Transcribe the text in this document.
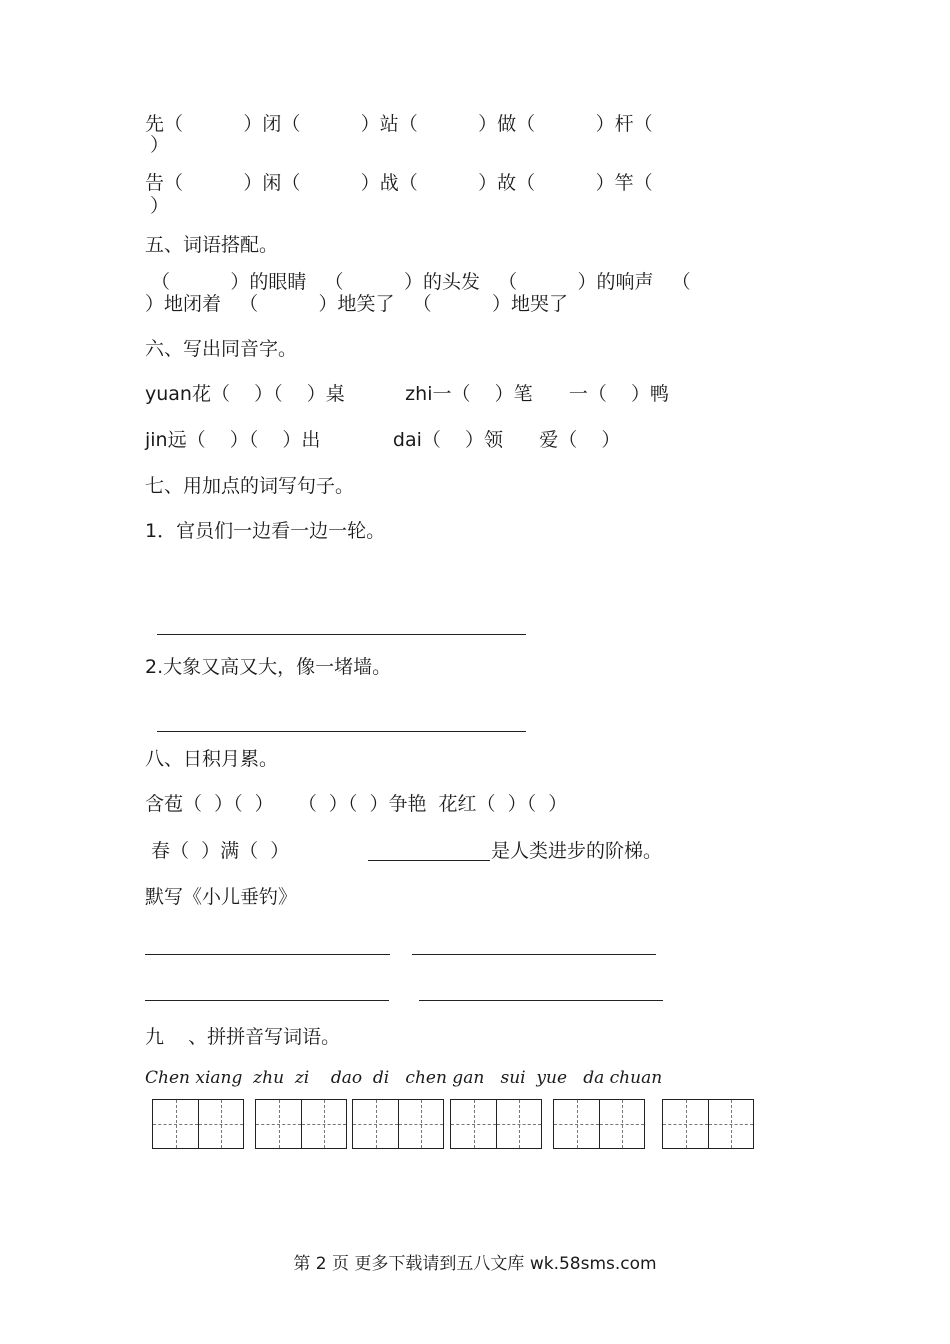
先（          ）闭（          ）站（          ）做（          ）杆（
）
告（          ）闲（          ）战（          ）故（          ）竿（
）
五、词语搭配。
（          ）的眼睛   （          ）的头发   （          ）的响声   （
）地闭着   （          ）地笑了   （          ）地哭了
六、写出同音字。
yuan花（    ）（    ）桌          zhi一（    ）笔      一（    ）鸭
jin远（    ）（    ）出            dai（    ）领      爱（    ）
七、用加点的词写句子。
1．官员们一边看一边一轮。
2.大象又高又大，像一堵墙。
八、日积月累。
含苞（  ）（  ）    （  ）（  ）争艳  花红（  ）（  ）
春（  ）满（  ）	是人类进步的阶梯。
默写《小儿垂钓》
九    、拼拼音写词语。
Chen xiang  zhu  zi    dao  di   chen gan   sui  yue   da chuan
第 2 页 更多下载请到五八文库 wk.58sms.com
